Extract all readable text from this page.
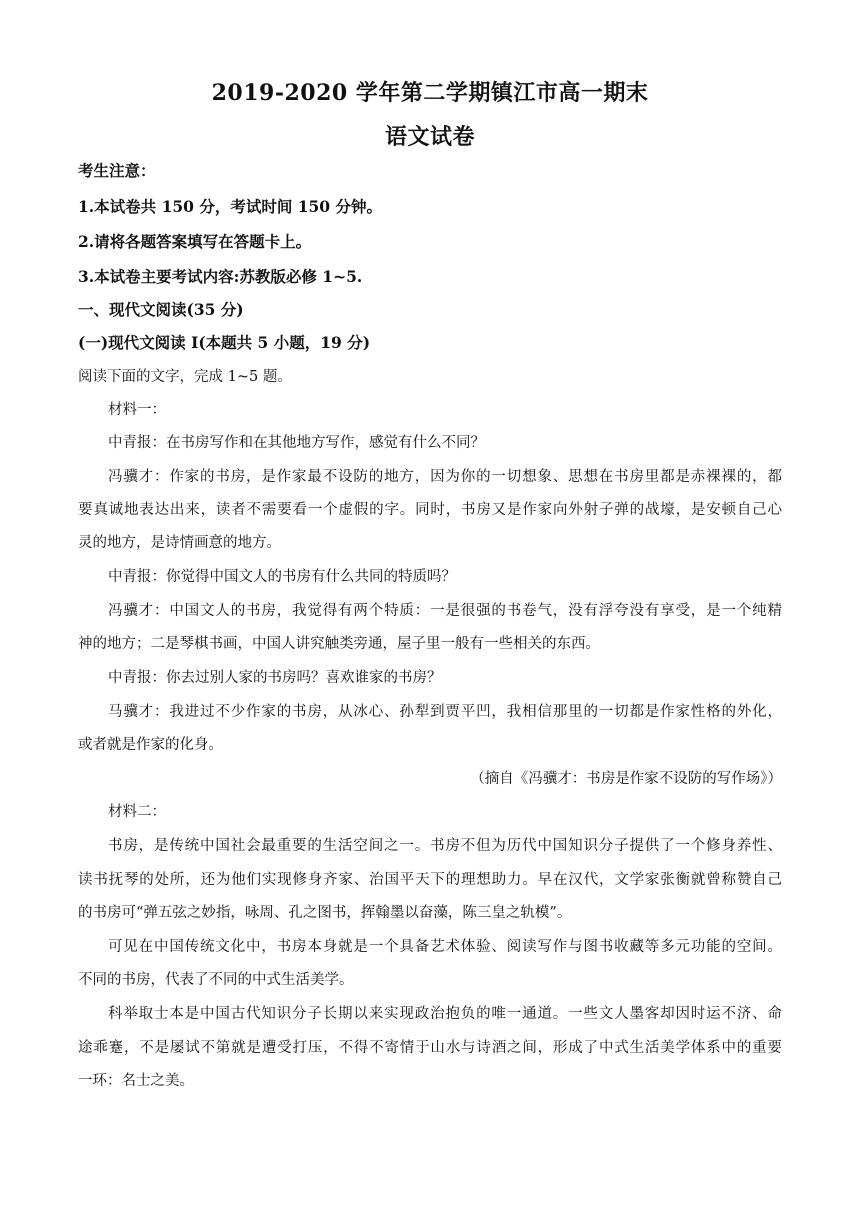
2019-2020 学年第二学期镇江市高一期末
语文试卷
考生注意：
1.本试卷共 150 分，考试时间 150 分钟。
2.请将各题答案填写在答题卡上。
3.本试卷主要考试内容:苏教版必修 1~5.
一、现代文阅读(35 分)
(一)现代文阅读 I(本题共 5 小题，19 分)
阅读下面的文字，完成 1~5 题。
材料一：
中青报：在书房写作和在其他地方写作，感觉有什么不同？
冯骥才：作家的书房，是作家最不设防的地方，因为你的一切想象、思想在书房里都是赤裸裸的，都
要真诚地表达出来，读者不需要看一个虚假的字。同时，书房又是作家向外射子弹的战壕，是安顿自己心
灵的地方，是诗情画意的地方。
中青报：你觉得中国文人的书房有什么共同的特质吗？
冯骥才：中国文人的书房，我觉得有两个特质：一是很强的书卷气，没有浮夸没有享受，是一个纯精
神的地方；二是琴棋书画，中国人讲究触类旁通，屋子里一般有一些相关的东西。
中青报：你去过别人家的书房吗？喜欢谁家的书房？
马骥才：我进过不少作家的书房，从冰心、孙犁到贾平凹，我相信那里的一切都是作家性格的外化，
或者就是作家的化身。
（摘自《冯骥才：书房是作家不设防的写作场》）
材料二：
书房，是传统中国社会最重要的生活空间之一。书房不但为历代中国知识分子提供了一个修身养性、
读书抚琴的处所，还为他们实现修身齐家、治国平天下的理想助力。早在汉代，文学家张衡就曾称赞自己
的书房可“弹五弦之妙指，咏周、孔之图书，挥翰墨以奋藻，陈三皇之轨模”。
可见在中国传统文化中，书房本身就是一个具备艺术体验、阅读写作与图书收藏等多元功能的空间。
不同的书房，代表了不同的中式生活美学。
科举取士本是中国古代知识分子长期以来实现政治抱负的唯一通道。一些文人墨客却因时运不济、命
途乖蹇，不是屡试不第就是遭受打压，不得不寄情于山水与诗酒之间，形成了中式生活美学体系中的重要
一环：名士之美。
